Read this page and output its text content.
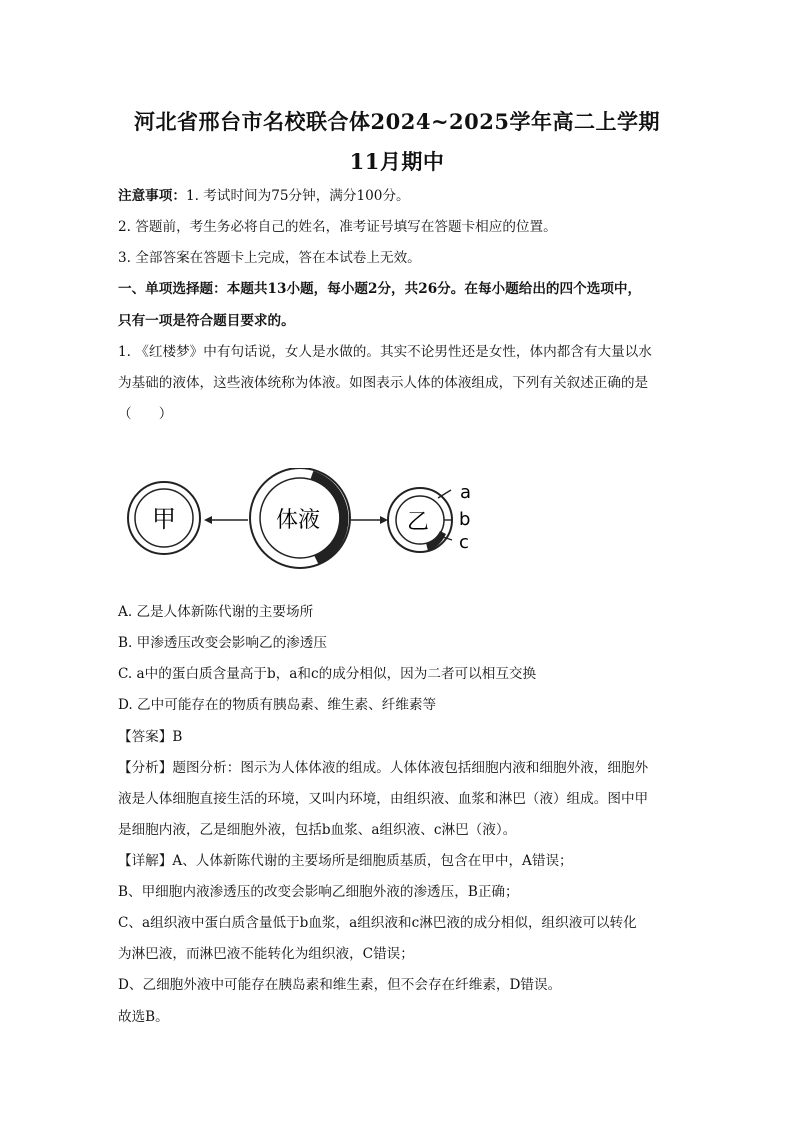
河北省邢台市名校联合体2024~2025学年高二上学期
11月期中
注意事项：1. 考试时间为75分钟，满分100分。
2. 答题前，考生务必将自己的姓名，准考证号填写在答题卡相应的位置。
3. 全部答案在答题卡上完成，答在本试卷上无效。
一、单项选择题：本题共13小题，每小题2分，共26分。在每小题给出的四个选项中，
只有一项是符合题目要求的。
1. 《红楼梦》中有句话说，女人是水做的。其实不论男性还是女性，体内都含有大量以水
为基础的液体，这些液体统称为体液。如图表示人体的体液组成，下列有关叙述正确的是
（　　）
甲	体液	乙
a
b
c
A. 乙是人体新陈代谢的主要场所
B. 甲渗透压改变会影响乙的渗透压
C. a中的蛋白质含量高于b，a和c的成分相似，因为二者可以相互交换
D. 乙中可能存在的物质有胰岛素、维生素、纤维素等
【答案】B
【分析】题图分析：图示为人体体液的组成。人体体液包括细胞内液和细胞外液，细胞外
液是人体细胞直接生活的环境，又叫内环境，由组织液、血浆和淋巴（液）组成。图中甲
是细胞内液，乙是细胞外液，包括b血浆、a组织液、c淋巴（液）。
【详解】A、人体新陈代谢的主要场所是细胞质基质，包含在甲中，A错误；
B、甲细胞内液渗透压的改变会影响乙细胞外液的渗透压，B正确；
C、a组织液中蛋白质含量低于b血浆，a组织液和c淋巴液的成分相似，组织液可以转化
为淋巴液，而淋巴液不能转化为组织液，C错误；
D、乙细胞外液中可能存在胰岛素和维生素，但不会存在纤维素，D错误。
故选B。
